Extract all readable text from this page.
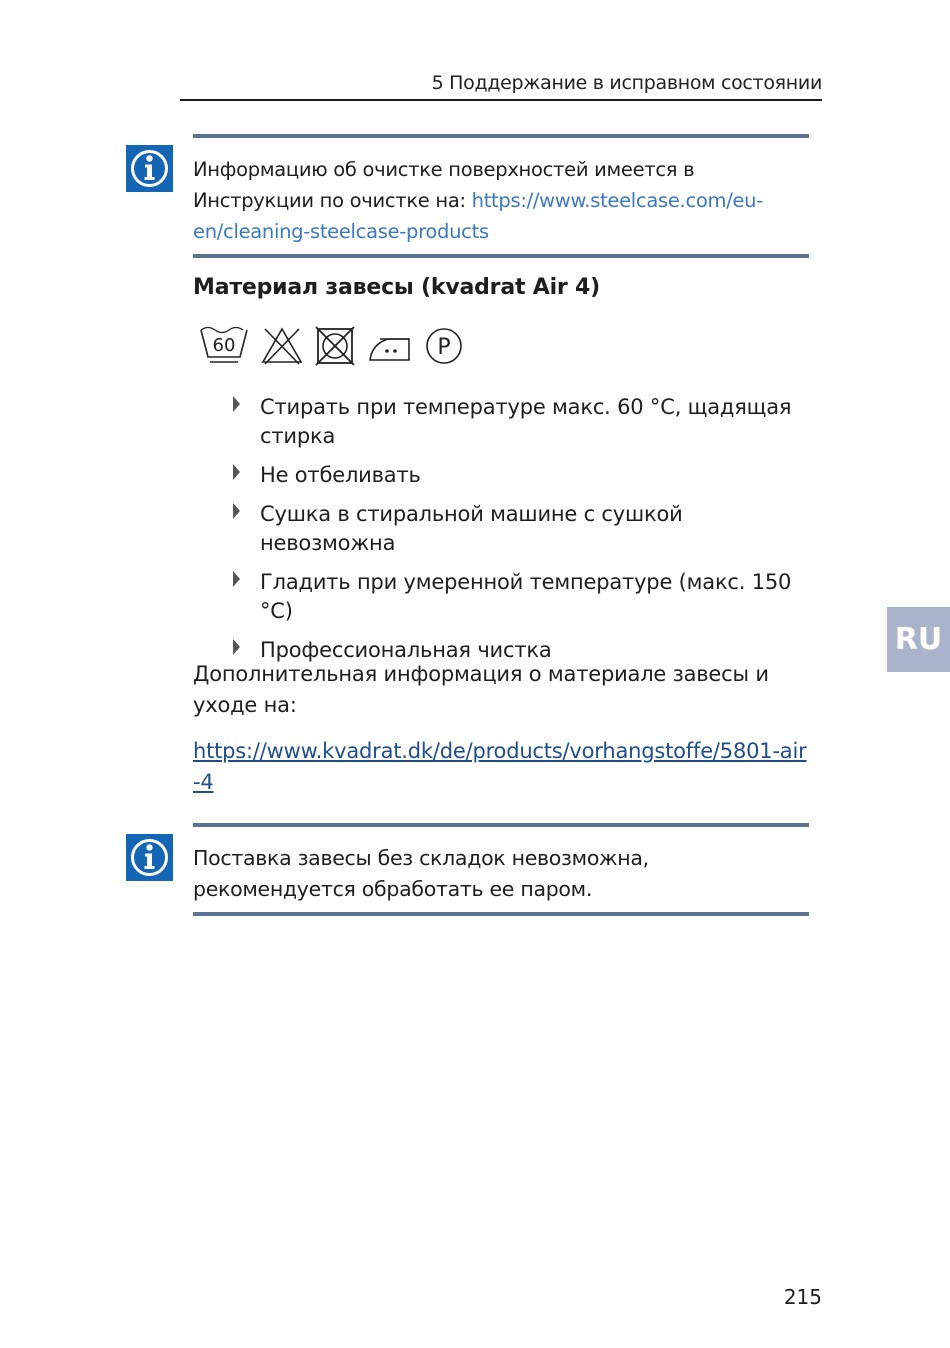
5 Поддержание в исправном состоянии
Информацию об очистке поверхностей имеется в Инструкции по очистке на: https://www.steelcase.com/eu-en/cleaning-steelcase-products
Материал завесы (kvadrat Air 4)
60	P
Стирать при температуре макс. 60 °C, щадящая стирка
Не отбеливать
Сушка в стиральной машине с сушкой невозможна
Гладить при умеренной температуре (макс. 150 °C)
Профессиональная чистка
Дополнительная информация о материале завесы и уходе на:
https://www.kvadrat.dk/de/products/vorhangstoffe/5801-air-4
Поставка завесы без складок невозможна, рекомендуется обработать ее паром.
RU
215
